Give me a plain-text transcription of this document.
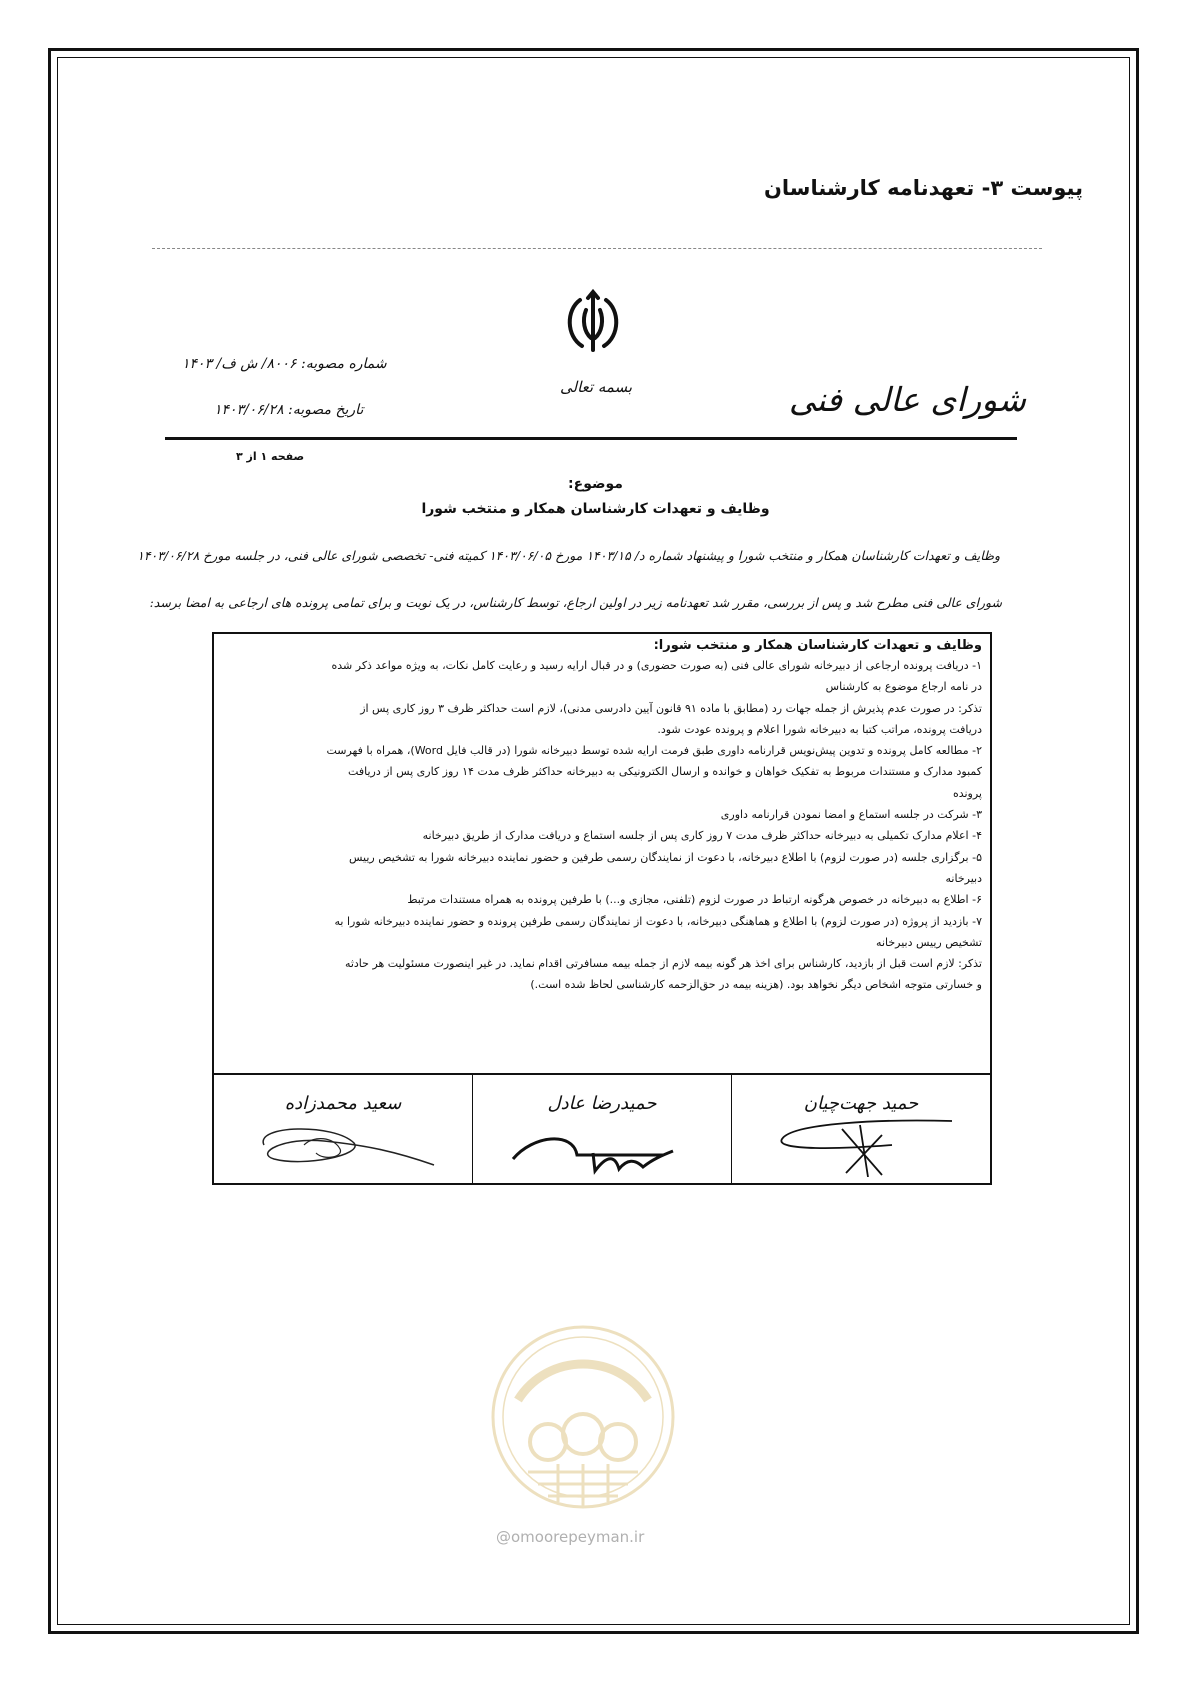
پیوست ۳- تعهدنامه کارشناسان
بسمه تعالی	شورای عالی فنی
شماره مصوبه: ۸۰۰۶/ ش ف/ ۱۴۰۳
تاریخ مصوبه: ۱۴۰۳/۰۶/۲۸
صفحه ۱ از ۳
موضوع:
وظایف و تعهدات کارشناسان همکار و منتخب شورا
وظایف و تعهدات کارشناسان همکار و منتخب شورا و پیشنهاد شماره د/ ۱۴۰۳/۱۵ مورخ ۱۴۰۳/۰۶/۰۵ کمیته فنی- تخصصی شورای عالی فنی، در جلسه مورخ ۱۴۰۳/۰۶/۲۸
شورای عالی فنی مطرح شد و پس از بررسی، مقرر شد تعهدنامه زیر در اولین ارجاع، توسط کارشناس، در یک نوبت و برای تمامی پرونده های ارجاعی به امضا برسد:

وظایف و تعهدات کارشناسان همکار و منتخب شورا:

۱- دریافت پرونده ارجاعی از دبیرخانه شورای عالی فنی (به صورت حضوری) و در قبال ارایه رسید و رعایت کامل نکات، به ویژه مواعد ذکر شده

در نامه ارجاع موضوع به کارشناس

تذکر: در صورت عدم پذیرش از جمله جهات رد (مطابق با ماده ۹۱ قانون آیین دادرسی مدنی)، لازم است حداکثر ظرف ۳ روز کاری پس از

دریافت پرونده، مراتب کتبا به دبیرخانه شورا اعلام و پرونده عودت شود.

۲- مطالعه کامل پرونده و تدوین پیش‌نویس قرارنامه داوری طبق فرمت ارایه شده توسط دبیرخانه شورا (در قالب فایل Word)، همراه با فهرست

کمبود مدارک و مستندات مربوط به تفکیک خواهان و خوانده و ارسال الکترونیکی به دبیرخانه حداکثر ظرف مدت ۱۴ روز کاری پس از دریافت

پرونده

۳- شرکت در جلسه استماع و امضا نمودن قرارنامه داوری

۴- اعلام مدارک تکمیلی به دبیرخانه حداکثر ظرف مدت ۷ روز کاری پس از جلسه استماع و دریافت مدارک از طریق دبیرخانه

۵- برگزاری جلسه (در صورت لزوم) با اطلاع دبیرخانه، با دعوت از نمایندگان رسمی طرفین و حضور نماینده دبیرخانه شورا به تشخیص رییس

دبیرخانه

۶- اطلاع به دبیرخانه در خصوص هرگونه ارتباط در صورت لزوم (تلفنی، مجازی و...) با طرفین پرونده به همراه مستندات مرتبط

۷- بازدید از پروژه (در صورت لزوم) با اطلاع و هماهنگی دبیرخانه، با دعوت از نمایندگان رسمی طرفین پرونده و حضور نماینده دبیرخانه شورا به

تشخیص رییس دبیرخانه

تذکر: لازم است قبل از بازدید، کارشناس برای اخذ هر گونه بیمه لازم از جمله بیمه مسافرتی اقدام نماید. در غیر اینصورت مسئولیت هر حادثه

و خسارتی متوجه اشخاص دیگر نخواهد بود. (هزینه بیمه در حق‌الزحمه کارشناسی لحاظ شده است.)

سعید محمدزاده	حمیدرضا عادل	حمید جهت‌چیان
@omoorepeyman.ir
